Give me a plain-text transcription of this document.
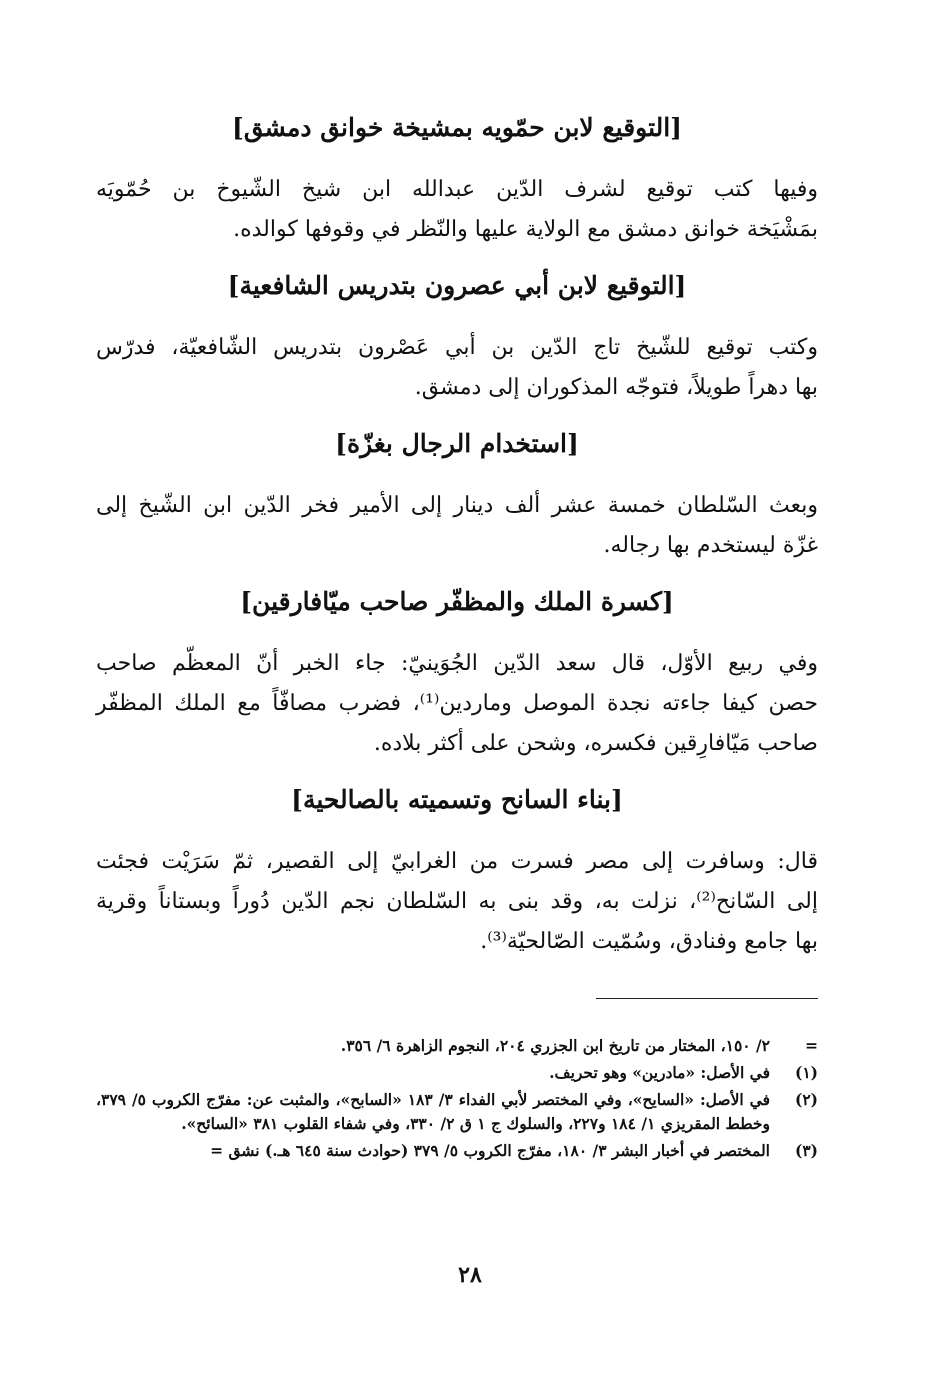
[التوقيع لابن حمّويه بمشيخة خوانق دمشق]
وفيها كتب توقيع لشرف الدّين عبدالله ابن شيخ الشّيوخ بن حُمّويَه
بمَشْيَخة خوانق دمشق مع الولاية عليها والنّظر في وقوفها كوالده.
[التوقيع لابن أبي عصرون بتدريس الشافعية]
وكتب توقيع للشّيخ تاج الدّين بن أبي عَصْرون بتدريس الشّافعيّة، فدرّس
بها دهراً طويلاً، فتوجّه المذكوران إلى دمشق.
[استخدام الرجال بغزّة]
وبعث السّلطان خمسة عشر ألف دينار إلى الأمير فخر الدّين ابن الشّيخ إلى
غزّة ليستخدم بها رجاله.
[كسرة الملك والمظفّر صاحب ميّافارقين]
وفي ربيع الأوّل، قال سعد الدّين الجُوَينيّ: جاء الخبر أنّ المعظّم صاحب
حصن كيفا جاءته نجدة الموصل وماردين⁽¹⁾، فضرب مصافّاً مع الملك المظفّر
صاحب مَيّافارِقين فكسره، وشحن على أكثر بلاده.
[بناء السانح وتسميته بالصالحية]
قال: وسافرت إلى مصر فسرت من الغرابيّ إلى القصير، ثمّ سَرَيْت فجئت
إلى السّانح⁽²⁾، نزلت به، وقد بنى به السّلطان نجم الدّين دُوراً وبستاناً وقرية
بها جامع وفنادق، وسُمّيت الصّالحيّة⁽³⁾.
=
٢/ ١٥٠، المختار من تاريخ ابن الجزري ٢٠٤، النجوم الزاهرة ٦/ ٣٥٦.
(١)
في الأصل: «مادرين» وهو تحريف.
(٢)
في الأصل: «السايح»، وفي المختصر لأبي الفداء ٣/ ١٨٣ «السابح»، والمثبت عن: مفرّج الكروب ٥/ ٣٧٩، وخطط المقريزي ١/ ١٨٤ و٢٢٧، والسلوك ج ١ ق ٢/ ٣٣٠، وفي شفاء القلوب ٣٨١ «السائح».
(٣)
المختصر في أخبار البشر ٣/ ١٨٠، مفرّج الكروب ٥/ ٣٧٩ (حوادث سنة ٦٤٥ هـ.) نشق =
٢٨
